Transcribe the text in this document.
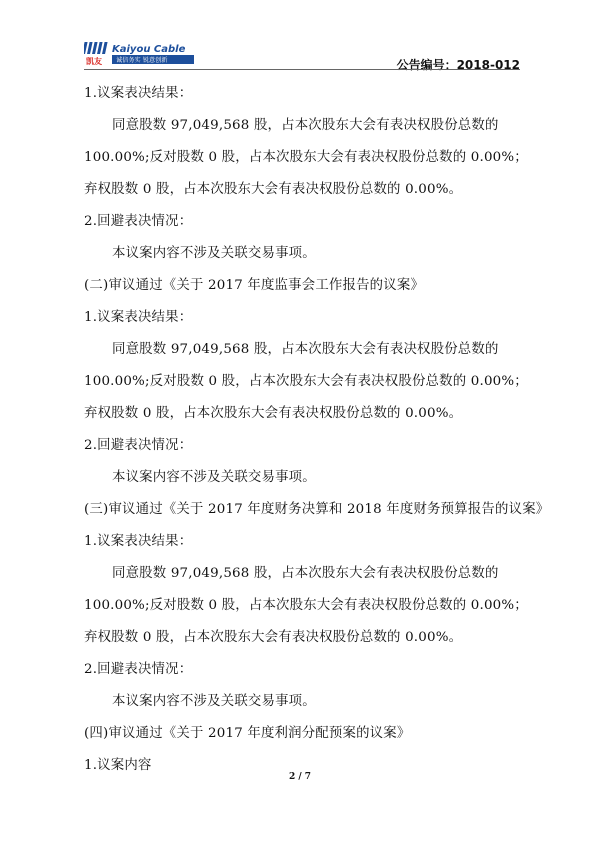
凯友
Kaiyou Cable
诚信务实 锐意创新	公告编号：2018-012
1.议案表决结果：
同意股数 97,049,568 股，占本次股东大会有表决权股份总数的
100.00%;反对股数 0 股，占本次股东大会有表决权股份总数的 0.00%；
弃权股数 0 股，占本次股东大会有表决权股份总数的 0.00%。
2.回避表决情况：
本议案内容不涉及关联交易事项。
(二)审议通过《关于 2017 年度监事会工作报告的议案》
1.议案表决结果：
同意股数 97,049,568 股，占本次股东大会有表决权股份总数的
100.00%;反对股数 0 股，占本次股东大会有表决权股份总数的 0.00%；
弃权股数 0 股，占本次股东大会有表决权股份总数的 0.00%。
2.回避表决情况：
本议案内容不涉及关联交易事项。
(三)审议通过《关于 2017 年度财务决算和 2018 年度财务预算报告的议案》
1.议案表决结果：
同意股数 97,049,568 股，占本次股东大会有表决权股份总数的
100.00%;反对股数 0 股，占本次股东大会有表决权股份总数的 0.00%；
弃权股数 0 股，占本次股东大会有表决权股份总数的 0.00%。
2.回避表决情况：
本议案内容不涉及关联交易事项。
(四)审议通过《关于 2017 年度利润分配预案的议案》
1.议案内容
2 / 7
